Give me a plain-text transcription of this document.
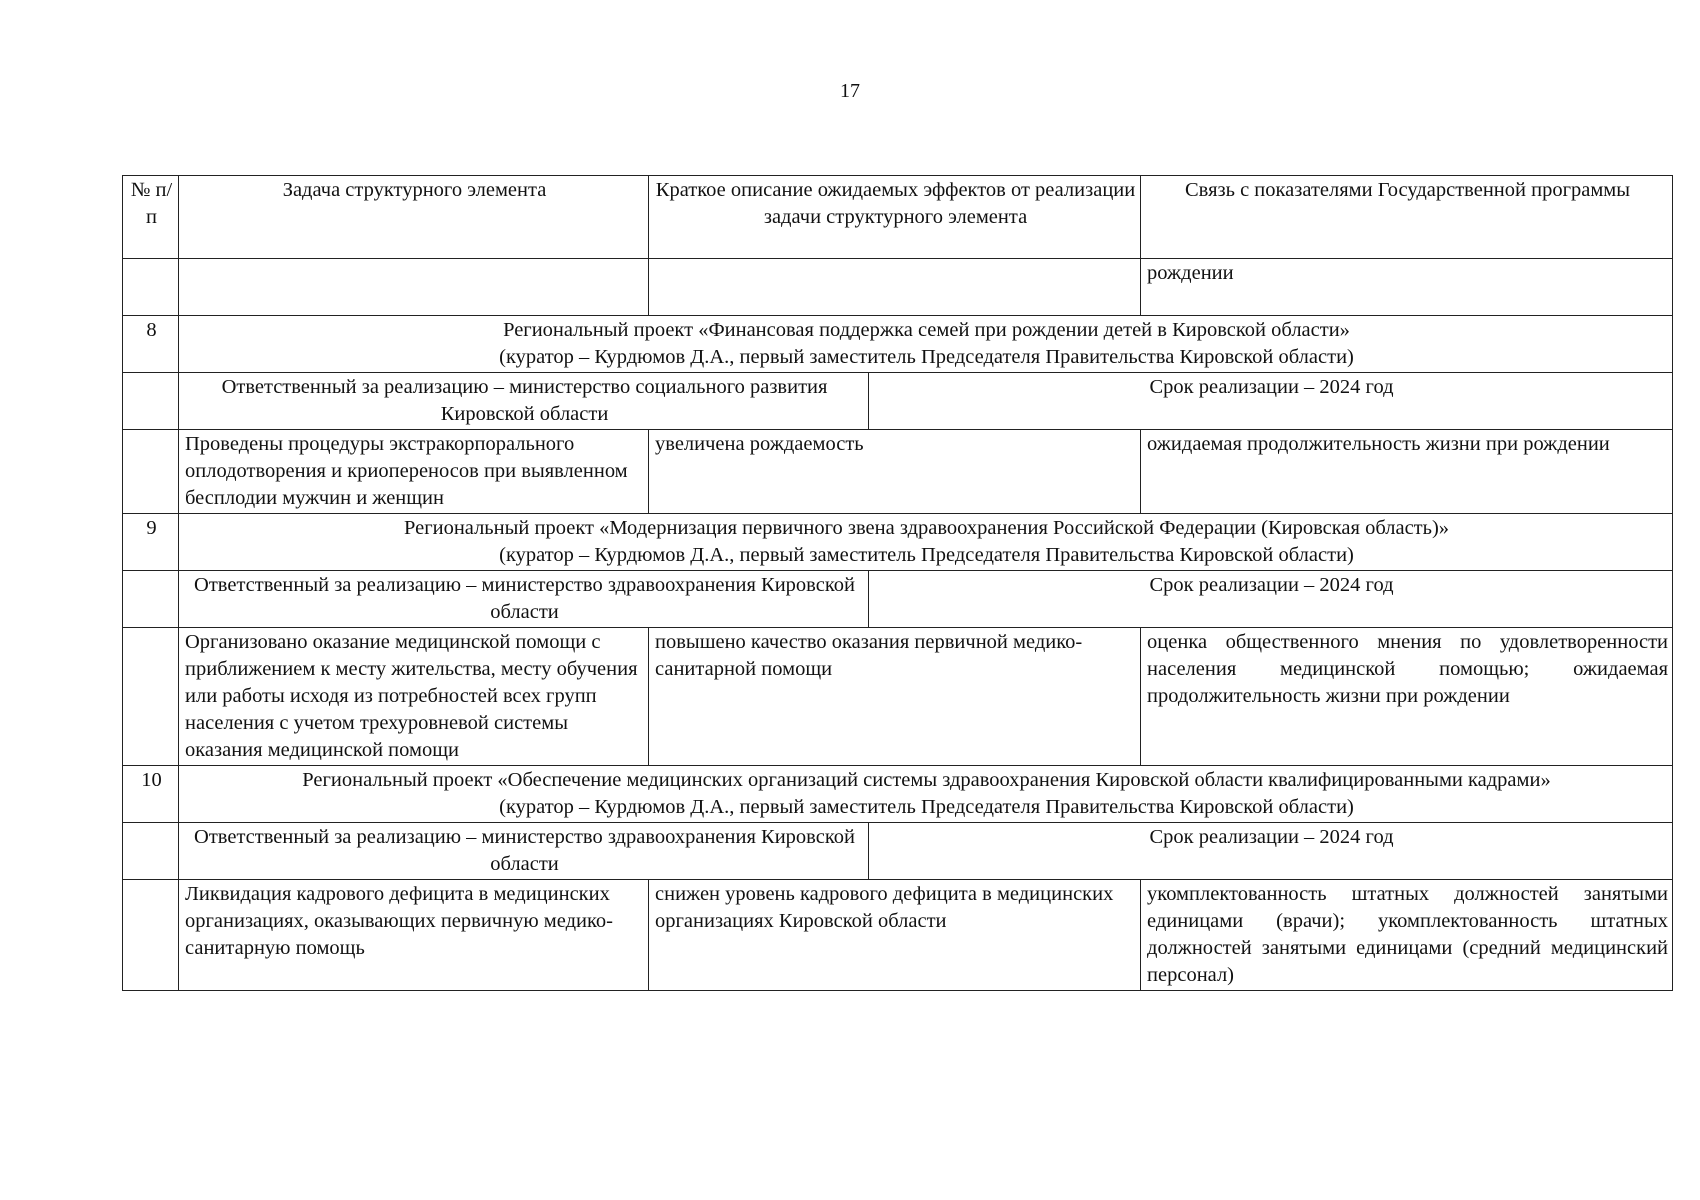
17
№ п/п	Задача структурного элемента	Краткое описание ожидаемых эффектов от реализации задачи структурного элемента		Связь с показателями Государственной программы
				рождении
8	Региональный проект «Финансовая поддержка семей при рождении детей в Кировской области»
(куратор – Курдюмов Д.А., первый заместитель Председателя Правительства Кировской области)			

	Ответственный за реализацию – министерство социального развития Кировской области		Срок реализации – 2024 год	
	Проведены процедуры экстракорпорального оплодотворения и криопереносов при выявленном бесплодии мужчин и женщин	увеличена рождаемость		ожидаемая продолжительность жизни при рождении
9	Региональный проект «Модернизация первичного звена здравоохранения Российской Федерации (Кировская область)»
(куратор – Курдюмов Д.А., первый заместитель Председателя Правительства Кировской области)			

	Ответственный за реализацию – министерство здравоохранения Кировской области		Срок реализации – 2024 год	
	Организовано оказание медицинской помощи с приближением к месту жительства, месту обучения или работы исходя из потребностей всех групп населения с учетом трехуровневой системы оказания медицинской помощи	повышено качество оказания первичной медико-санитарной помощи		оценка общественного мнения по удовлетворенности населения медицинской помощью; ожидаемая продолжительность жизни при рождении
10	Региональный проект «Обеспечение медицинских организаций системы здравоохранения Кировской области квалифицированными кадрами»
(куратор – Курдюмов Д.А., первый заместитель Председателя Правительства Кировской области)			

	Ответственный за реализацию – министерство здравоохранения Кировской области		Срок реализации – 2024 год	
	Ликвидация кадрового дефицита в медицинских организациях, оказывающих первичную медико-санитарную помощь	снижен уровень кадрового дефицита в медицинских организациях Кировской области		укомплектованность штатных должностей занятыми единицами (врачи); укомплектованность штатных должностей занятыми единицами (средний медицинский персонал)
